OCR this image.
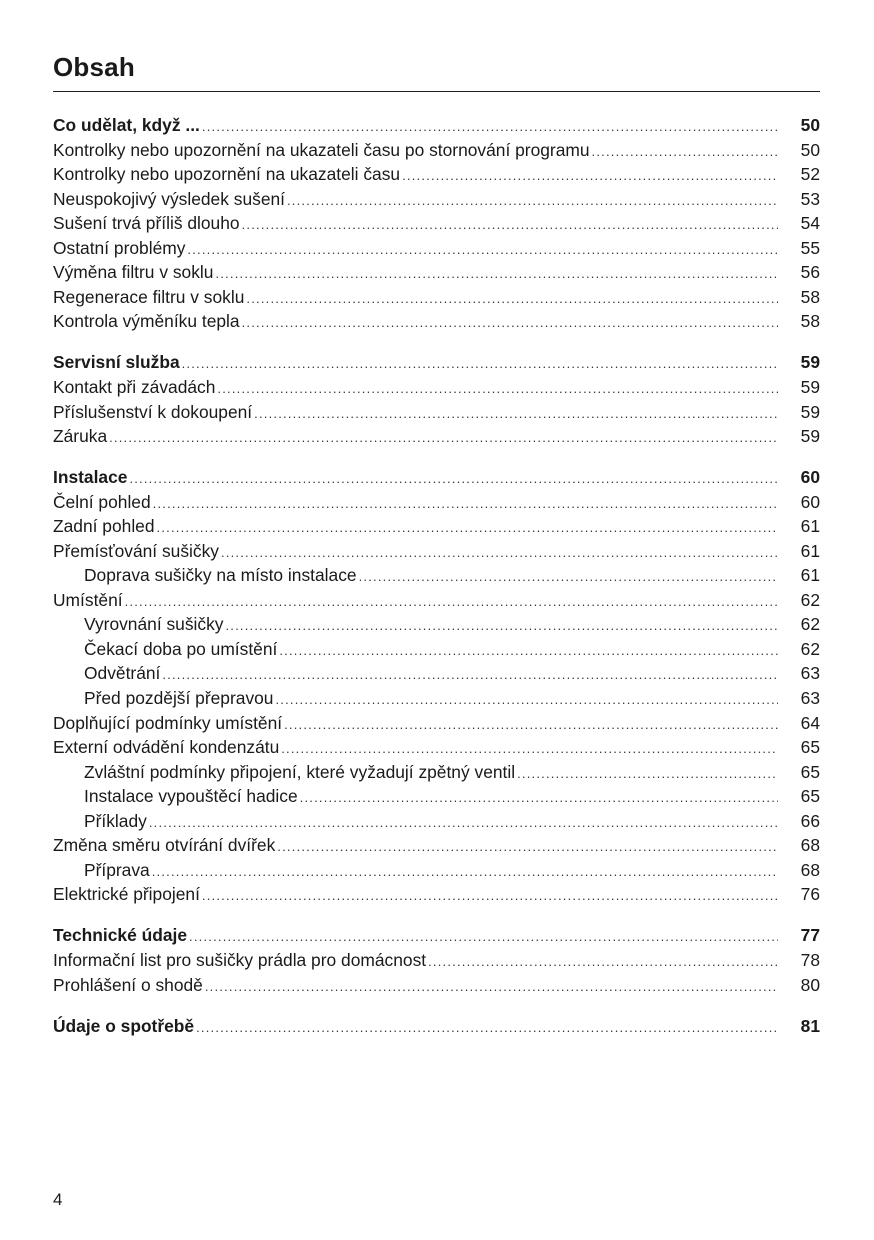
Obsah
Co udělat, když ... .....	50
Kontrolky nebo upozornění na ukazateli času po stornování programu .....	50
Kontrolky nebo upozornění na ukazateli času .....	52
Neuspokojivý výsledek sušení .....	53
Sušení trvá příliš dlouho .....	54
Ostatní problémy .....	55
Výměna filtru v soklu .....	56
Regenerace filtru v soklu .....	58
Kontrola výměníku tepla .....	58
Servisní služba .....	59
Kontakt při závadách .....	59
Příslušenství k dokoupení .....	59
Záruka .....	59
Instalace .....	60
Čelní pohled .....	60
Zadní pohled .....	61
Přemísťování sušičky .....	61
Doprava sušičky na místo instalace .....	61
Umístění .....	62
Vyrovnání sušičky .....	62
Čekací doba po umístění .....	62
Odvětrání .....	63
Před pozdější přepravou .....	63
Doplňující podmínky umístění .....	64
Externí odvádění kondenzátu .....	65
Zvláštní podmínky připojení, které vyžadují zpětný ventil .....	65
Instalace vypouštěcí hadice .....	65
Příklady .....	66
Změna směru otvírání dvířek .....	68
Příprava .....	68
Elektrické připojení .....	76
Technické údaje .....	77
Informační list pro sušičky prádla pro domácnost .....	78
Prohlášení o shodě .....	80
Údaje o spotřebě .....	81
4
